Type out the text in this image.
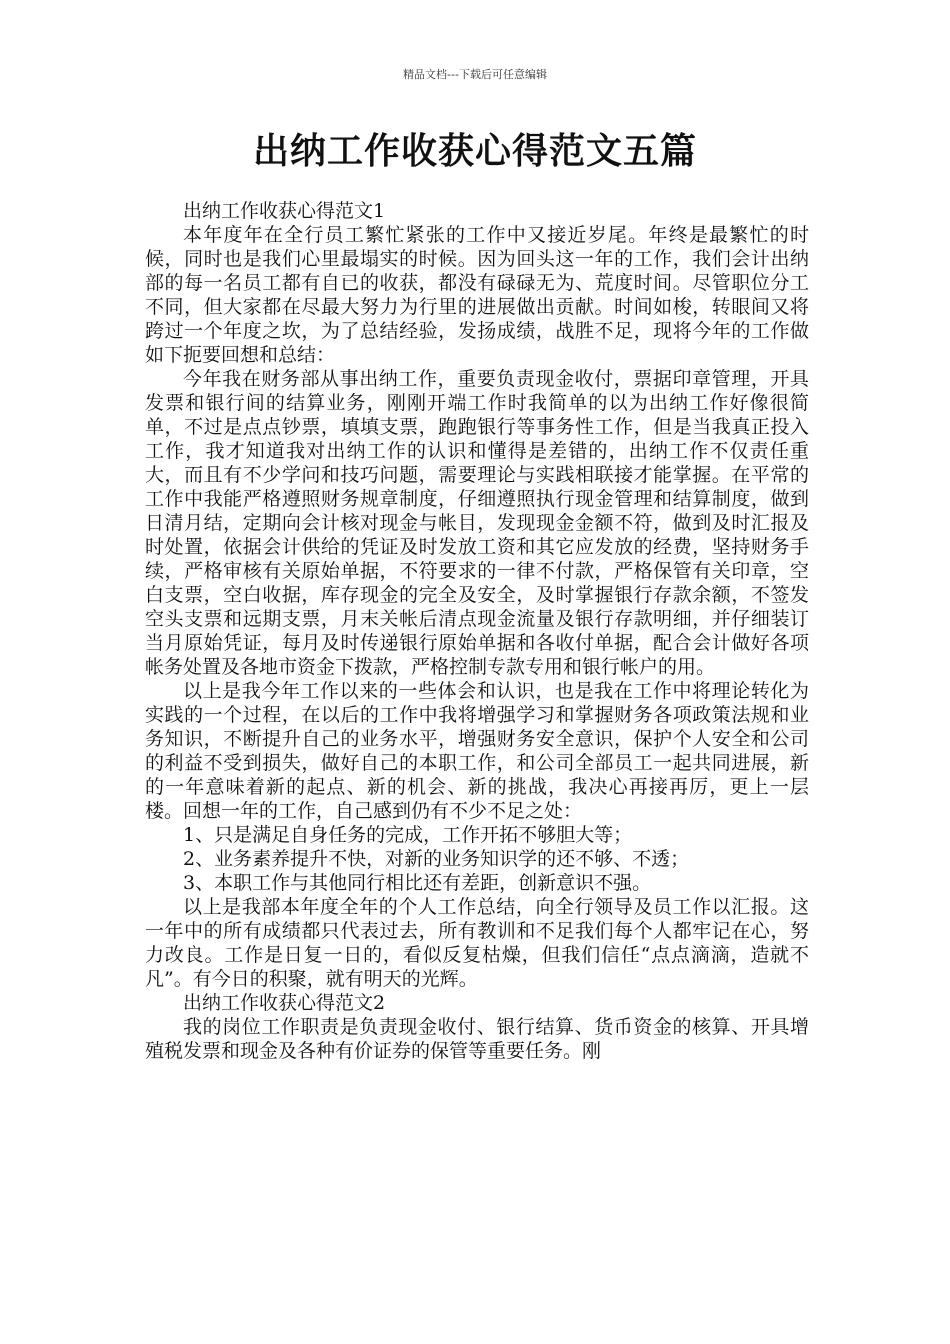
精品文档---下载后可任意编辑
出纳工作收获心得范文五篇

出纳工作收获心得范文1

本年度年在全行员工繁忙紧张的工作中又接近岁尾。年终是最繁忙的时候，同时也是我们心里最塌实的时候。因为回头这一年的工作，我们会计出纳部的每一名员工都有自已的收获，都没有碌碌无为、荒度时间。尽管职位分工不同，但大家都在尽最大努力为行里的进展做出贡献。时间如梭，转眼间又将跨过一个年度之坎，为了总结经验，发扬成绩，战胜不足，现将今年的工作做如下扼要回想和总结：

今年我在财务部从事出纳工作，重要负责现金收付，票据印章管理，开具发票和银行间的结算业务，刚刚开端工作时我简单的以为出纳工作好像很简单，不过是点点钞票，填填支票，跑跑银行等事务性工作，但是当我真正投入工作，我才知道我对出纳工作的认识和懂得是差错的，出纳工作不仅责任重大，而且有不少学问和技巧问题，需要理论与实践相联接才能掌握。在平常的工作中我能严格遵照财务规章制度，仔细遵照执行现金管理和结算制度，做到日清月结，定期向会计核对现金与帐目，发现现金金额不符，做到及时汇报及时处置，依据会计供给的凭证及时发放工资和其它应发放的经费，坚持财务手续，严格审核有关原始单据，不符要求的一律不付款，严格保管有关印章，空白支票，空白收据，库存现金的完全及安全，及时掌握银行存款余额，不签发空头支票和远期支票，月末关帐后清点现金流量及银行存款明细，并仔细装订当月原始凭证，每月及时传递银行原始单据和各收付单据，配合会计做好各项帐务处置及各地市资金下拨款，严格控制专款专用和银行帐户的用。

以上是我今年工作以来的一些体会和认识，也是我在工作中将理论转化为实践的一个过程，在以后的工作中我将增强学习和掌握财务各项政策法规和业务知识，不断提升自己的业务水平，增强财务安全意识，保护个人安全和公司的利益不受到损失，做好自己的本职工作，和公司全部员工一起共同进展，新的一年意味着新的起点、新的机会、新的挑战，我决心再接再厉，更上一层楼。回想一年的工作，自己感到仍有不少不足之处：

1、只是满足自身任务的完成，工作开拓不够胆大等；

2、业务素养提升不快，对新的业务知识学的还不够、不透；

3、本职工作与其他同行相比还有差距，创新意识不强。

以上是我部本年度全年的个人工作总结，向全行领导及员工作以汇报。这一年中的所有成绩都只代表过去，所有教训和不足我们每个人都牢记在心，努力改良。工作是日复一日的，看似反复枯燥，但我们信任“点点滴滴，造就不凡”。有今日的积聚，就有明天的光辉。

出纳工作收获心得范文2

我的岗位工作职责是负责现金收付、银行结算、货币资金的核算、开具增殖税发票和现金及各种有价证券的保管等重要任务。刚
